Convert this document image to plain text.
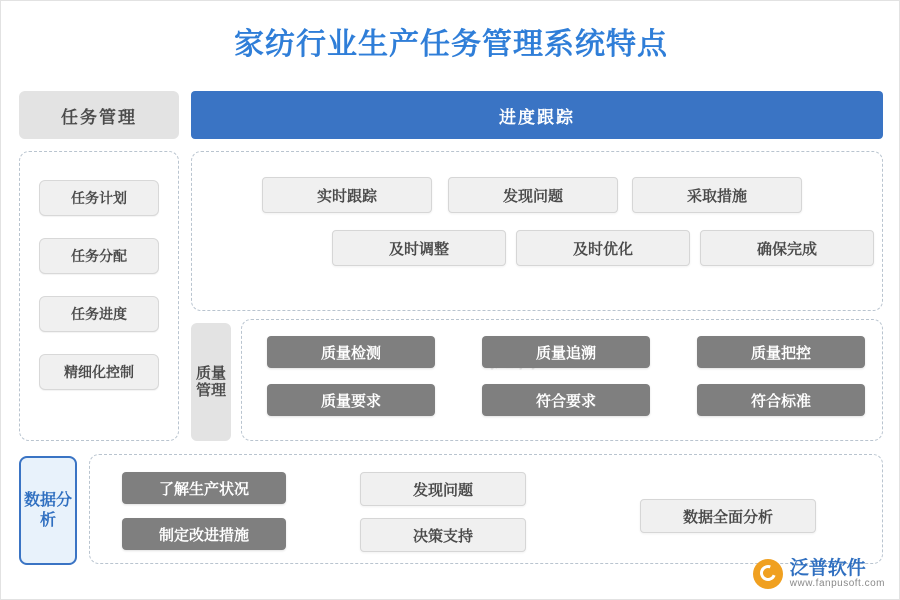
家纺行业生产任务管理系统特点
任务管理	进度跟踪
任务计划
任务分配
任务进度
精细化控制
实时跟踪	发现问题	采取措施
及时调整	及时优化	确保完成
质量管理
质量检测	质量追溯	质量把控
质量要求	符合要求	符合标准
数据分析
了解生产状况	发现问题
数据全面分析
制定改进措施	决策支持
泛普软件
www.fanpusoft.com
